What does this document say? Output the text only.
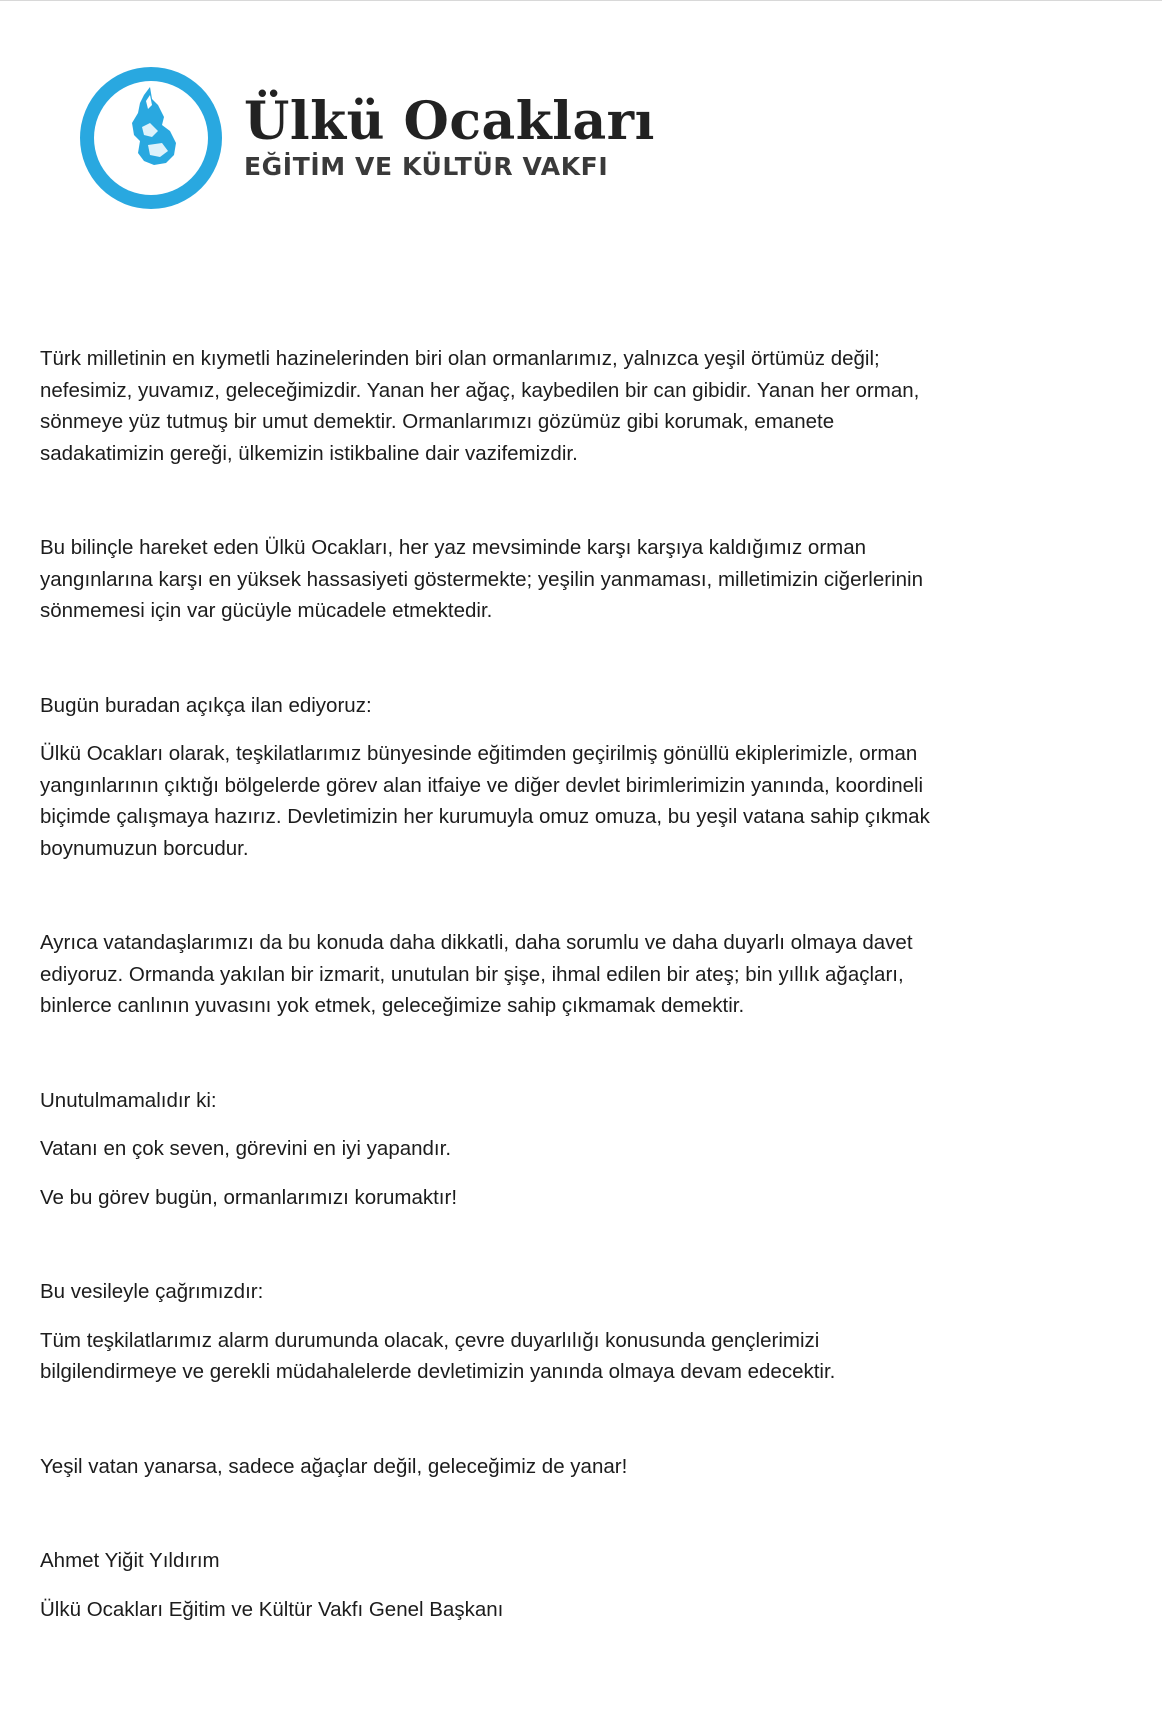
Ülkü Ocakları
EĞİTİM VE KÜLTÜR VAKFI

Türk milletinin en kıymetli hazinelerinden biri olan ormanlarımız, yalnızca yeşil örtümüz değil;
nefesimiz, yuvamız, geleceğimizdir. Yanan her ağaç, kaybedilen bir can gibidir. Yanan her orman,
sönmeye yüz tutmuş bir umut demektir. Ormanlarımızı gözümüz gibi korumak, emanete
sadakatimizin gereği, ülkemizin istikbaline dair vazifemizdir.

Bu bilinçle hareket eden Ülkü Ocakları, her yaz mevsiminde karşı karşıya kaldığımız orman
yangınlarına karşı en yüksek hassasiyeti göstermekte; yeşilin yanmaması, milletimizin ciğerlerinin
sönmemesi için var gücüyle mücadele etmektedir.

Bugün buradan açıkça ilan ediyoruz:

Ülkü Ocakları olarak, teşkilatlarımız bünyesinde eğitimden geçirilmiş gönüllü ekiplerimizle, orman
yangınlarının çıktığı bölgelerde görev alan itfaiye ve diğer devlet birimlerimizin yanında, koordineli
biçimde çalışmaya hazırız. Devletimizin her kurumuyla omuz omuza, bu yeşil vatana sahip çıkmak
boynumuzun borcudur.

Ayrıca vatandaşlarımızı da bu konuda daha dikkatli, daha sorumlu ve daha duyarlı olmaya davet
ediyoruz. Ormanda yakılan bir izmarit, unutulan bir şişe, ihmal edilen bir ateş; bin yıllık ağaçları,
binlerce canlının yuvasını yok etmek, geleceğimize sahip çıkmamak demektir.

Unutulmamalıdır ki:

Vatanı en çok seven, görevini en iyi yapandır.

Ve bu görev bugün, ormanlarımızı korumaktır!

Bu vesileyle çağrımızdır:

Tüm teşkilatlarımız alarm durumunda olacak, çevre duyarlılığı konusunda gençlerimizi
bilgilendirmeye ve gerekli müdahalelerde devletimizin yanında olmaya devam edecektir.

Yeşil vatan yanarsa, sadece ağaçlar değil, geleceğimiz de yanar!

Ahmet Yiğit Yıldırım

Ülkü Ocakları Eğitim ve Kültür Vakfı Genel Başkanı
